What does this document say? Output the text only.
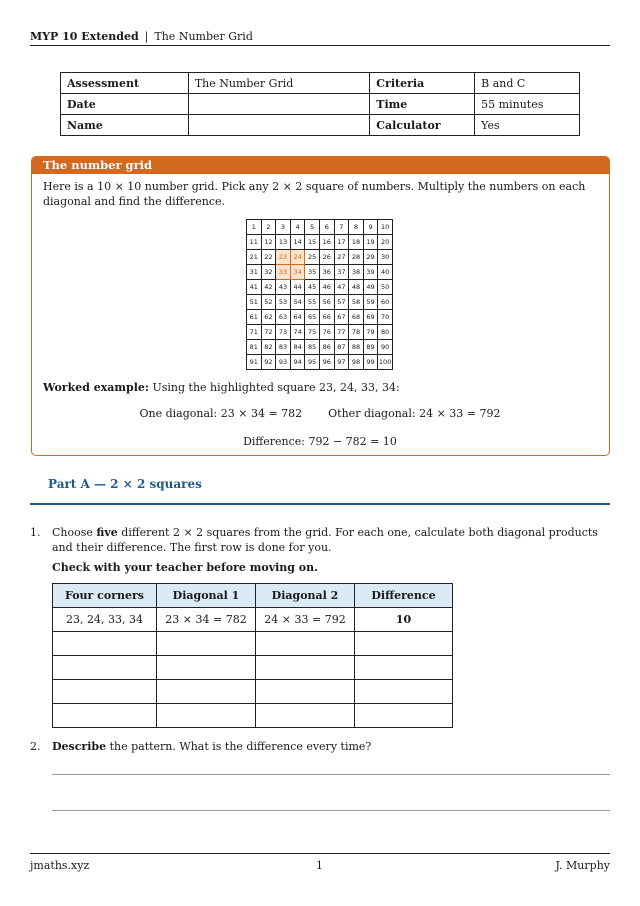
MYP 10 Extended | The Number Grid
Assessment	The Number Grid	Criteria	B and C
Date		Time	55 minutes
Name		Calculator	Yes
The number grid
Here is a 10 × 10 number grid. Pick any 2 × 2 square of numbers. Multiply the numbers on each diagonal and find the difference.
1	2	3	4	5	6	7	8	9	10
11	12	13	14	15	16	17	18	19	20
21	22	23	24	25	26	27	28	29	30
31	32	33	34	35	36	37	38	39	40
41	42	43	44	45	46	47	48	49	50
51	52	53	54	55	56	57	58	59	60
61	62	63	64	65	66	67	68	69	70
71	72	73	74	75	76	77	78	79	80
81	82	83	84	85	86	87	88	89	90
91	92	93	94	95	96	97	98	99	100
Worked example: Using the highlighted square 23, 24, 33, 34:
One diagonal: 23 × 34 = 782 Other diagonal: 24 × 33 = 792
Difference: 792 − 782 = 10
Part A — 2 × 2 squares
1. Choose five different 2 × 2 squares from the grid. For each one, calculate both diagonal products and their difference. The first row is done for you.
Check with your teacher before moving on.
Four corners	Diagonal 1	Diagonal 2	Difference
23, 24, 33, 34	23 × 34 = 782	24 × 33 = 792	10

2. Describe the pattern. What is the difference every time?
jmaths.xyz	1	J. Murphy
